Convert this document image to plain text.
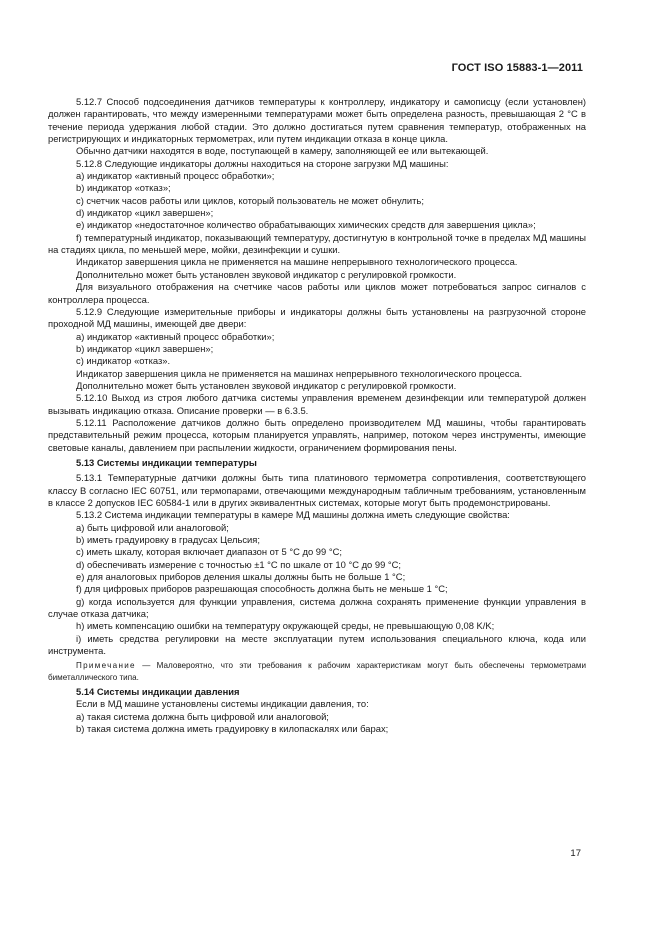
ГОСТ ISO 15883-1—2011

5.12.7 Способ подсоединения датчиков температуры к контроллеру, индикатору и самописцу (если установлен) должен гарантировать, что между измеренными температурами может быть определена разность, превышающая 2 °С в течение периода удержания любой стадии. Это должно достигаться путем сравнения температур, отображенных на регистрирующих и индикаторных термометрах, или путем индикации отказа в конце цикла.

Обычно датчики находятся в воде, поступающей в камеру, заполняющей ее или вытекающей.

5.12.8 Следующие индикаторы должны находиться на стороне загрузки МД машины:

а) индикатор «активный процесс обработки»;

b) индикатор «отказ»;

с) счетчик часов работы или циклов, который пользователь не может обнулить;

d) индикатор «цикл завершен»;

е) индикатор «недостаточное количество обрабатывающих химических средств для завершения цикла»;

f) температурный индикатор, показывающий температуру, достигнутую в контрольной точке в пределах МД машины на стадиях цикла, по меньшей мере, мойки, дезинфекции и сушки.

Индикатор завершения цикла не применяется на машине непрерывного технологического процесса.

Дополнительно может быть установлен звуковой индикатор с регулировкой громкости.

Для визуального отображения на счетчике часов работы или циклов может потребоваться запрос сигналов с контроллера процесса.

5.12.9 Следующие измерительные приборы и индикаторы должны быть установлены на разгрузочной стороне проходной МД машины, имеющей две двери:

а) индикатор «активный процесс обработки»;

b) индикатор «цикл завершен»;

с) индикатор «отказ».

Индикатор завершения цикла не применяется на машинах непрерывного технологического процесса.

Дополнительно может быть установлен звуковой индикатор с регулировкой громкости.

5.12.10 Выход из строя любого датчика системы управления временем дезинфекции или температурой должен вызывать индикацию отказа. Описание проверки — в 6.3.5.

5.12.11 Расположение датчиков должно быть определено производителем МД машины, чтобы гарантировать представительный режим процесса, которым планируется управлять, например, потоком через инструменты, имеющие световые каналы, давлением при распылении жидкости, ограничением формирования пены.

5.13 Системы индикации температуры

5.13.1 Температурные датчики должны быть типа платинового термометра сопротивления, соответствующего классу В согласно IEC 60751, или термопарами, отвечающими международным табличным требованиям, установленным в классе 2 допусков IEC 60584-1 или в других эквивалентных системах, которые могут быть продемонстрированы.

5.13.2 Система индикации температуры в камере МД машины должна иметь следующие свойства:

а) быть цифровой или аналоговой;

b) иметь градуировку в градусах Цельсия;

с) иметь шкалу, которая включает диапазон от 5 °С до 99 °С;

d) обеспечивать измерение с точностью ±1 °С по шкале от 10 °С до 99 °С;

е) для аналоговых приборов деления шкалы должны быть не больше 1 °С;

f) для цифровых приборов разрешающая способность должна быть не меньше 1 °С;

g) когда используется для функции управления, система должна сохранять применение функции управления в случае отказа датчика;

h) иметь компенсацию ошибки на температуру окружающей среды, не превышающую 0,08 K/K;

i) иметь средства регулировки на месте эксплуатации путем использования специального ключа, кода или инструмента.

Примечание — Маловероятно, что эти требования к рабочим характеристикам могут быть обеспечены термометрами биметаллического типа.

5.14 Системы индикации давления

Если в МД машине установлены системы индикации давления, то:

а) такая система должна быть цифровой или аналоговой;

b) такая система должна иметь градуировку в килопаскалях или барах;

17
